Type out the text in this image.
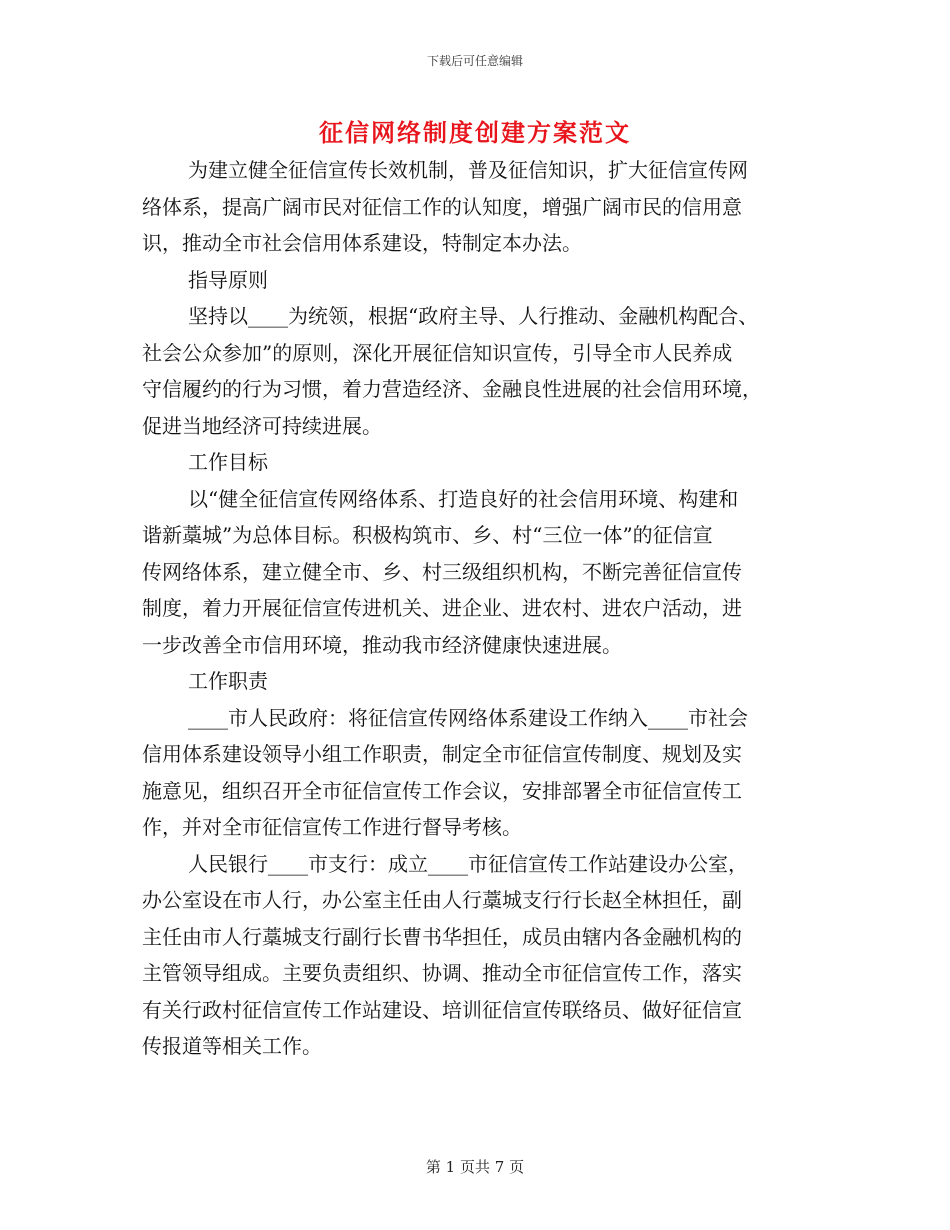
下载后可任意编辑
征信网络制度创建方案范文
为建立健全征信宣传长效机制，普及征信知识，扩大征信宣传网
络体系，提高广阔市民对征信工作的认知度，增强广阔市民的信用意
识，推动全市社会信用体系建设，特制定本办法。
指导原则
坚持以____为统领，根据“政府主导、人行推动、金融机构配合、
社会公众参加”的原则，深化开展征信知识宣传，引导全市人民养成
守信履约的行为习惯，着力营造经济、金融良性进展的社会信用环境，
促进当地经济可持续进展。
工作目标
以“健全征信宣传网络体系、打造良好的社会信用环境、构建和
谐新藁城”为总体目标。积极构筑市、乡、村“三位一体”的征信宣
传网络体系，建立健全市、乡、村三级组织机构，不断完善征信宣传
制度，着力开展征信宣传进机关、进企业、进农村、进农户活动，进
一步改善全市信用环境，推动我市经济健康快速进展。
工作职责
____市人民政府：将征信宣传网络体系建设工作纳入____市社会
信用体系建设领导小组工作职责，制定全市征信宣传制度、规划及实
施意见，组织召开全市征信宣传工作会议，安排部署全市征信宣传工
作，并对全市征信宣传工作进行督导考核。
人民银行____市支行：成立____市征信宣传工作站建设办公室，
办公室设在市人行，办公室主任由人行藁城支行行长赵全林担任，副
主任由市人行藁城支行副行长曹书华担任，成员由辖内各金融机构的
主管领导组成。主要负责组织、协调、推动全市征信宣传工作，落实
有关行政村征信宣传工作站建设、培训征信宣传联络员、做好征信宣
传报道等相关工作。
第 1 页共 7 页
